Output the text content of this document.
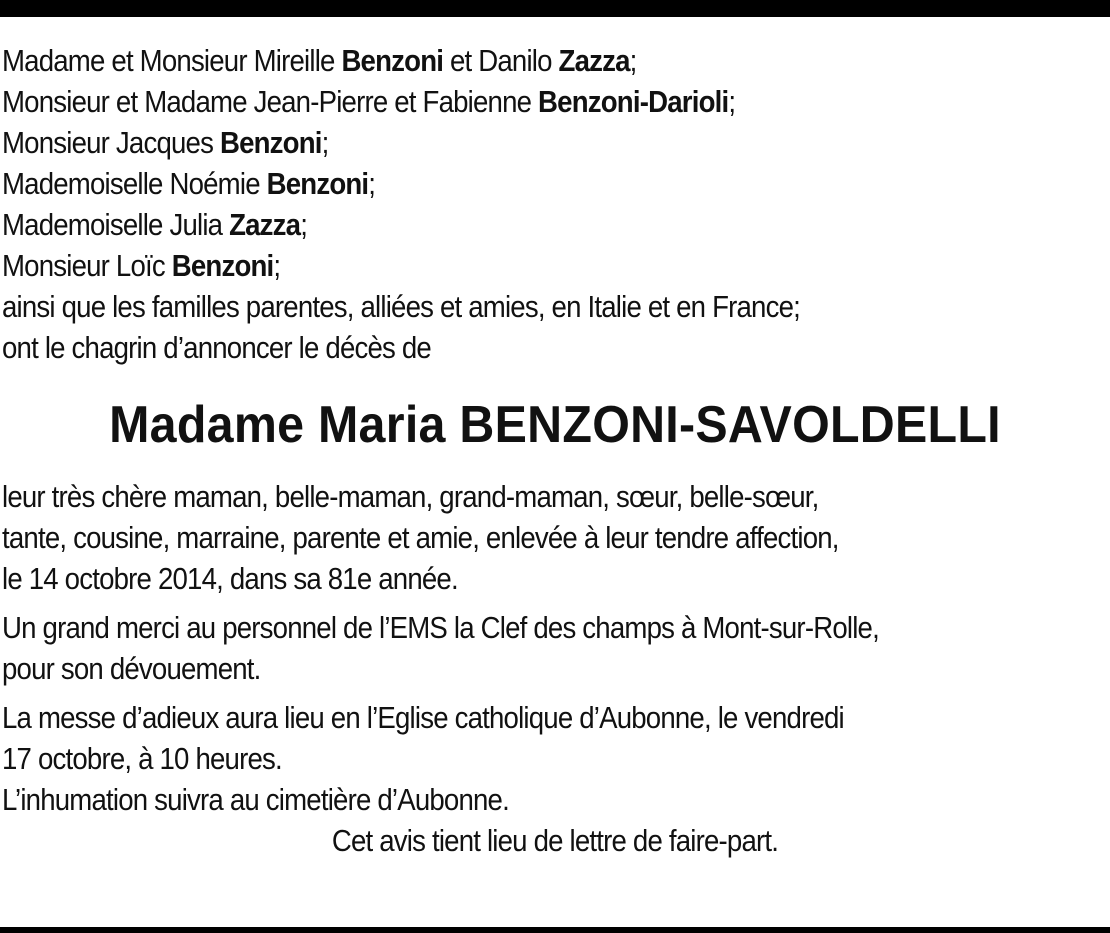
Madame et Monsieur Mireille Benzoni et Danilo Zazza;
Monsieur et Madame Jean-Pierre et Fabienne Benzoni-Darioli;
Monsieur Jacques Benzoni;
Mademoiselle Noémie Benzoni;
Mademoiselle Julia Zazza;
Monsieur Loïc Benzoni;
ainsi que les familles parentes, alliées et amies, en Italie et en France;
ont le chagrin d’annoncer le décès de
Madame Maria BENZONI-SAVOLDELLI
leur très chère maman, belle-maman, grand-maman, sœur, belle-sœur,
tante, cousine, marraine, parente et amie, enlevée à leur tendre affection,
le 14 octobre 2014, dans sa 81e année.
Un grand merci au personnel de l’EMS la Clef des champs à Mont-sur-Rolle,
pour son dévouement.
La messe d’adieux aura lieu en l’Eglise catholique d’Aubonne, le vendredi
17 octobre, à 10 heures.
L’inhumation suivra au cimetière d’Aubonne.
Cet avis tient lieu de lettre de faire-part.
